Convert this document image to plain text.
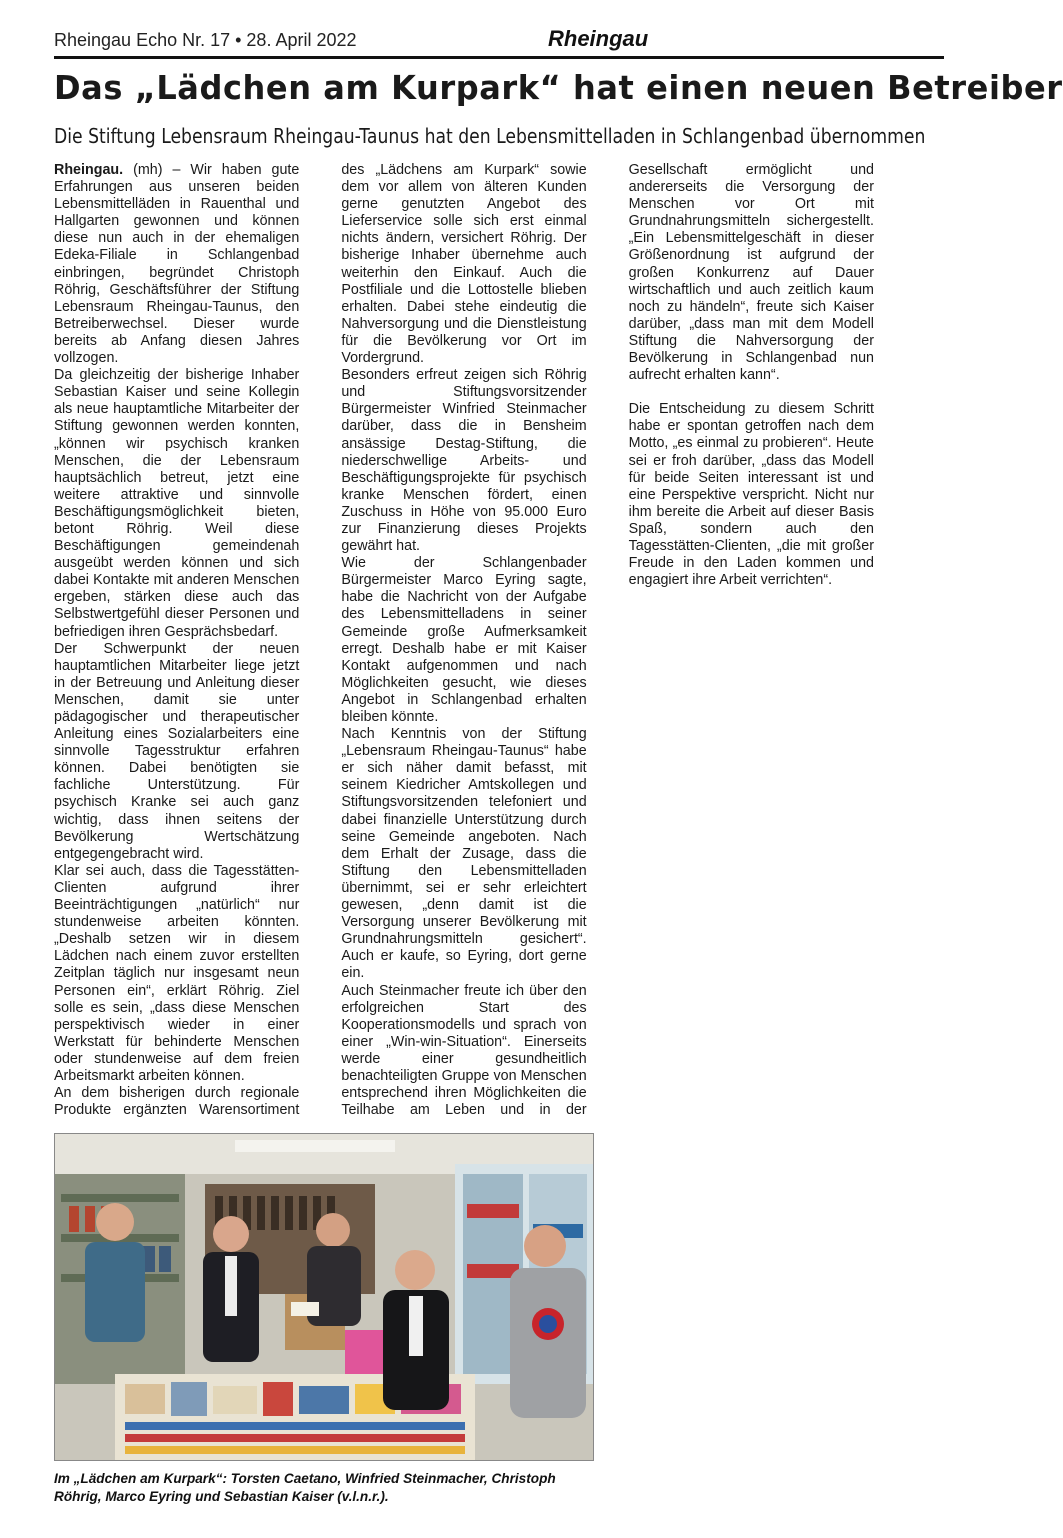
Rheingau Echo Nr. 17 • 28. April 2022	Rheingau
Das „Lädchen am Kurpark“ hat einen neuen Betreiber
Die Stiftung Lebensraum Rheingau-Taunus hat den Lebensmittelladen in Schlangenbad übernommen

Rheingau. (mh) – Wir haben gute Erfahrungen aus unseren beiden Lebensmittelläden in Rauenthal und Hallgarten gewonnen und können diese nun auch in der ehemaligen Edeka-Filiale in Schlangenbad einbringen, begründet Christoph Röhrig, Geschäftsführer der Stiftung Lebensraum Rheingau-Taunus, den Betreiberwechsel. Dieser wurde bereits ab Anfang diesen Jahres vollzogen.

Da gleichzeitig der bisherige Inhaber Sebastian Kaiser und seine Kollegin als neue hauptamtliche Mitarbeiter der Stiftung gewonnen werden konnten, „können wir psychisch kranken Menschen, die der Lebensraum hauptsächlich betreut, jetzt eine weitere attraktive und sinnvolle Beschäftigungsmöglichkeit bieten, betont Röhrig. Weil diese Beschäftigungen gemeindenah ausgeübt werden können und sich dabei Kontakte mit anderen Menschen ergeben, stärken diese auch das Selbstwertgefühl dieser Personen und befriedigen ihren Gesprächsbedarf.

Der Schwerpunkt der neuen hauptamtlichen Mitarbeiter liege jetzt in der Betreuung und Anleitung dieser Menschen, damit sie unter pädagogischer und therapeutischer Anleitung eines Sozialarbeiters eine sinnvolle Tagesstruktur erfahren können. Dabei benötigten sie fachliche Unterstützung. Für psychisch Kranke sei auch ganz wichtig, dass ihnen seitens der Bevölkerung Wertschätzung entgegengebracht wird.

Klar sei auch, dass die Tagesstätten-Clienten aufgrund ihrer Beeinträchtigungen „natürlich“ nur stundenweise arbeiten könnten. „Deshalb setzen wir in diesem Lädchen nach einem zuvor erstellten Zeitplan täglich nur insgesamt neun Personen ein“, erklärt Röhrig. Ziel solle es sein, „dass diese Menschen perspektivisch wieder in einer Werkstatt für behinderte Menschen oder stundenweise auf dem freien Arbeitsmarkt arbeiten können.

An dem bisherigen durch regionale Produkte ergänzten Warensortiment des „Lädchens am Kurpark“ sowie dem vor allem von älteren Kunden gerne genutzten Angebot des Lieferservice solle sich erst einmal nichts ändern, versichert Röhrig. Der bisherige Inhaber übernehme auch weiterhin den Einkauf. Auch die Postfiliale und die Lottostelle blieben erhalten. Dabei stehe eindeutig die Nahversorgung und die Dienstleistung für die Bevölkerung vor Ort im Vordergrund.

Besonders erfreut zeigen sich Röhrig und Stiftungsvorsitzender Bürgermeister Winfried Steinmacher darüber, dass die in Bensheim ansässige Destag-Stiftung, die niederschwellige Arbeits- und Beschäftigungsprojekte für psychisch kranke Menschen fördert, einen Zuschuss in Höhe von 95.000 Euro zur Finanzierung dieses Projekts gewährt hat.

Wie der Schlangenbader Bürgermeister Marco Eyring sagte, habe die Nachricht von der Aufgabe des Lebensmittelladens in seiner Gemeinde große Aufmerksamkeit erregt. Deshalb habe er mit Kaiser Kontakt aufgenommen und nach Möglichkeiten gesucht, wie dieses Angebot in Schlangenbad erhalten bleiben könnte.

Nach Kenntnis von der Stiftung „Lebensraum Rheingau-Taunus“ habe er sich näher damit befasst, mit seinem Kiedricher Amtskollegen und Stiftungsvorsitzenden telefoniert und dabei finanzielle Unterstützung durch seine Gemeinde angeboten. Nach dem Erhalt der Zusage, dass die Stiftung den Lebensmittelladen übernimmt, sei er sehr erleichtert gewesen, „denn damit ist die Versorgung unserer Bevölkerung mit Grundnahrungsmitteln gesichert“. Auch er kaufe, so Eyring, dort gerne ein.

Auch Steinmacher freute ich über den erfolgreichen Start des Kooperationsmodells und sprach von einer „Win-win-Situation“. Einerseits werde einer gesundheitlich benachteiligten Gruppe von Menschen entsprechend ihren Möglichkeiten die Teilhabe am Leben und in der Gesellschaft ermöglicht und andererseits die Versorgung der Menschen vor Ort mit Grundnahrungsmitteln sichergestellt. „Ein Lebensmittelgeschäft in dieser Größenordnung ist aufgrund der großen Konkurrenz auf Dauer wirtschaftlich und auch zeitlich kaum noch zu händeln“, freute sich Kaiser darüber, „dass man mit dem Modell Stiftung die Nahversorgung der Bevölkerung in Schlangenbad nun aufrecht erhalten kann“.

Die Entscheidung zu diesem Schritt habe er spontan getroffen nach dem Motto, „es einmal zu probieren“. Heute sei er froh darüber, „dass das Modell für beide Seiten interessant ist und eine Perspektive verspricht. Nicht nur ihm bereite die Arbeit auf dieser Basis Spaß, sondern auch den Tagesstätten-Clienten, „die mit großer Freude in den Laden kommen und engagiert ihre Arbeit verrichten“.

Im „Lädchen am Kurpark“: Torsten Caetano, Winfried Steinmacher, Christoph Röhrig, Marco Eyring und Sebastian Kaiser (v.l.n.r.).
